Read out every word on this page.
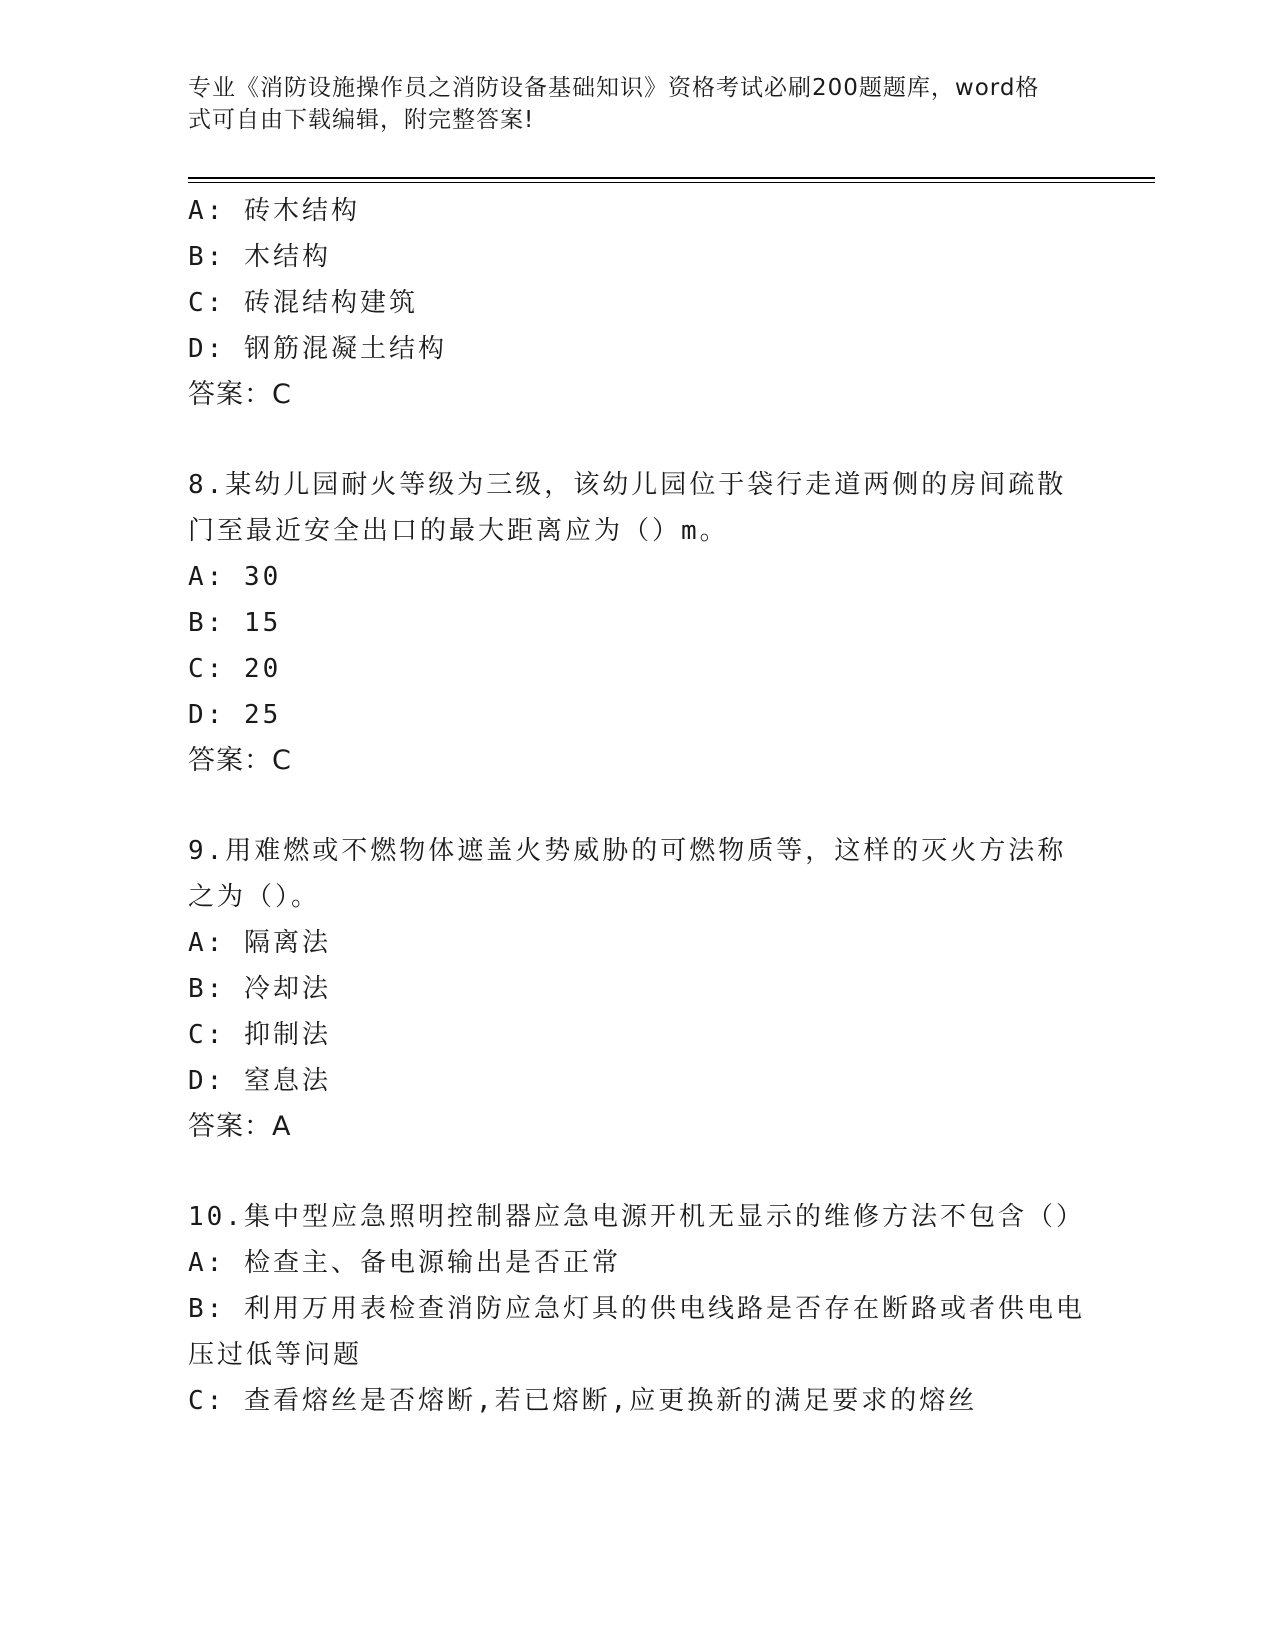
专业《消防设施操作员之消防设备基础知识》资格考试必刷200题题库，word格
式可自由下载编辑，附完整答案!
A: 砖木结构
B: 木结构
C: 砖混结构建筑
D: 钢筋混凝土结构
答案：C
8.某幼儿园耐火等级为三级，该幼儿园位于袋行走道两侧的房间疏散
门至最近安全出口的最大距离应为（）m。
A: 30
B: 15
C: 20
D: 25
答案：C
9.用难燃或不燃物体遮盖火势威胁的可燃物质等，这样的灭火方法称
之为（）。
A: 隔离法
B: 冷却法
C: 抑制法
D: 窒息法
答案：A
10.集中型应急照明控制器应急电源开机无显示的维修方法不包含（）
A: 检查主、备电源输出是否正常
B: 利用万用表检查消防应急灯具的供电线路是否存在断路或者供电电
压过低等问题
C: 查看熔丝是否熔断,若已熔断,应更换新的满足要求的熔丝
